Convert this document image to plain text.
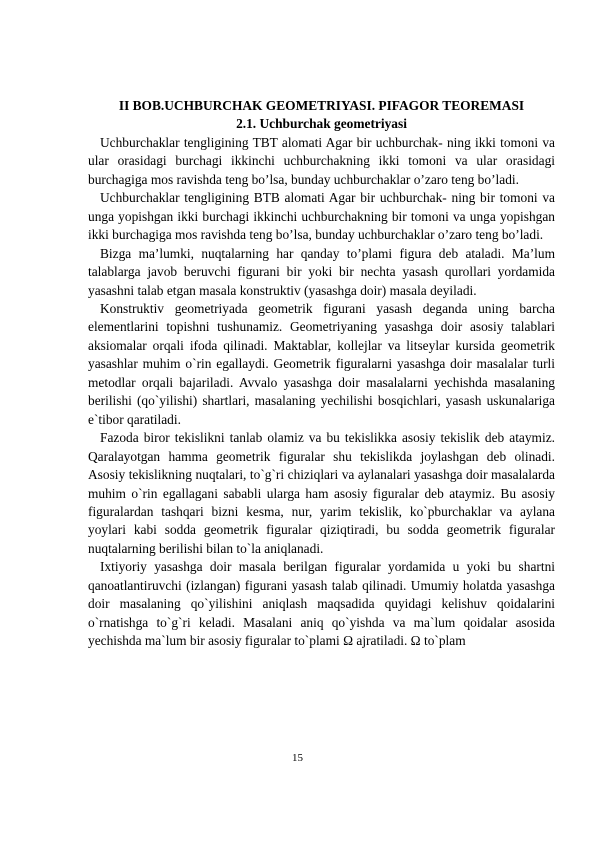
II BOB.UCHBURCHAK GEOMETRIYASI. PIFAGOR TEOREMASI

2.1. Uchburchak geometriyasi

Uchburchaklar tengligining TBT alomati Agar bir uchburchak- ning ikki tomoni va ular orasidagi burchagi ikkinchi uchburchakning ikki tomoni va ular orasidagi burchagiga mos ravishda teng bo’lsa, bunday uchburchaklar o’zaro teng bo’ladi.

Uchburchaklar tengligining BTB alomati Agar bir uchburchak- ning bir tomoni va unga yopishgan ikki burchagi ikkinchi uchburchakning bir tomoni va unga yopishgan ikki burchagiga mos ravishda teng bo’lsa, bunday uchburchaklar o’zaro teng bo’ladi.

Bizga ma’lumki, nuqtalarning har qanday to’plami figura deb ataladi. Ma’lum talablarga javob beruvchi figurani bir yoki bir nechta yasash qurollari yordamida yasashni talab etgan masala konstruktiv (yasashga doir) masala deyiladi.

Konstruktiv geometriyada geometrik figurani yasash deganda uning barcha elementlarini topishni tushunamiz. Geometriyaning yasashga doir asosiy talablari aksiomalar orqali ifoda qilinadi. Maktablar, kollejlar va litseylar kursida geometrik yasashlar muhim o`rin egallaydi. Geometrik figuralarni yasashga doir masalalar turli metodlar orqali bajariladi. Avvalo yasashga doir masalalarni yechishda masalaning berilishi (qo`yilishi) shartlari, masalaning yechilishi bosqichlari, yasash uskunalariga e`tibor qaratiladi.

Fazoda biror tekislikni tanlab olamiz va bu tekislikka asosiy tekislik deb ataymiz. Qaralayotgan hamma geometrik figuralar shu tekislikda joylashgan deb olinadi. Asosiy tekislikning nuqtalari, to`g`ri chiziqlari va aylanalari yasashga doir masalalarda muhim o`rin egallagani sababli ularga ham asosiy figuralar deb ataymiz. Bu asosiy figuralardan tashqari bizni kesma, nur, yarim tekislik, ko`pburchaklar va aylana yoylari kabi sodda geometrik figuralar qiziqtiradi, bu sodda geometrik figuralar nuqtalarning berilishi bilan to`la aniqlanadi.

Ixtiyoriy yasashga doir masala berilgan figuralar yordamida u yoki bu shartni qanoatlantiruvchi (izlangan) figurani yasash talab qilinadi. Umumiy holatda yasashga doir masalaning qo`yilishini aniqlash maqsadida quyidagi kelishuv qoidalarini o`rnatishga to`g`ri keladi. Masalani aniq qo`yishda va ma`lum qoidalar asosida yechishda ma`lum bir asosiy figuralar to`plami Ω ajratiladi. Ω to`plam

15
